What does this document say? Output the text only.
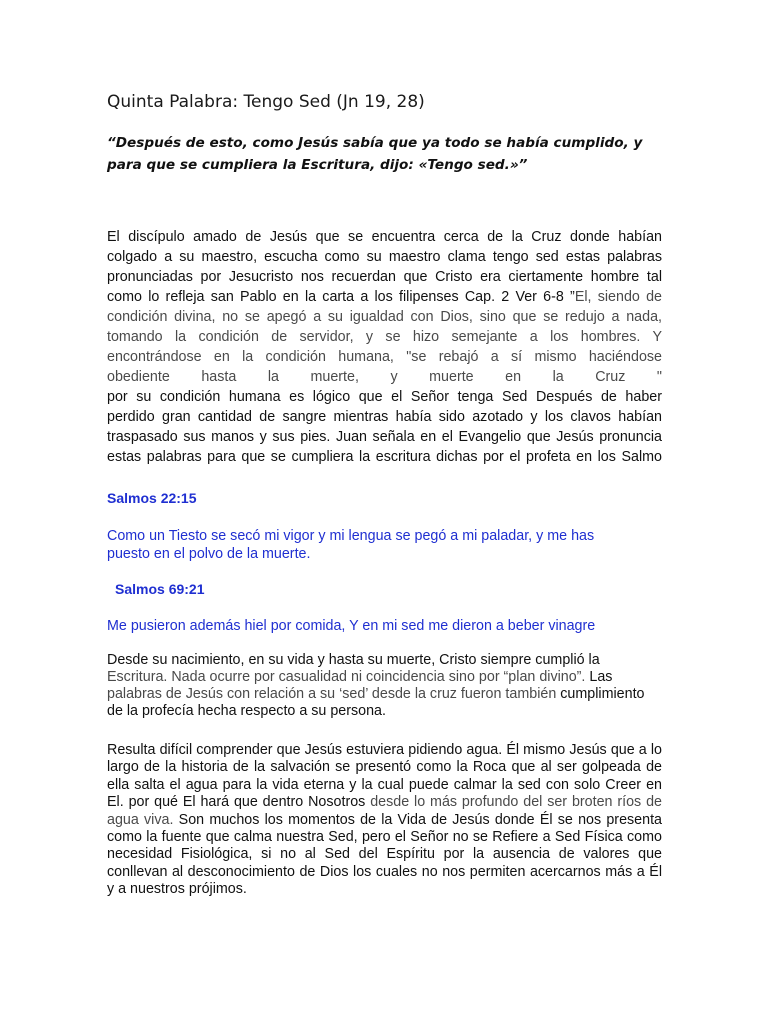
Quinta Palabra: Tengo Sed (Jn 19, 28)
“Después de esto, como Jesús sabía que ya todo se había cumplido, y para que se cumpliera la Escritura, dijo: «Tengo sed.»”
El discípulo amado de Jesús que se encuentra cerca de la Cruz donde habían
colgado a su maestro, escucha como su maestro clama tengo sed estas palabras
pronunciadas por Jesucristo nos recuerdan que Cristo era ciertamente hombre tal
como lo refleja san Pablo en la carta a los filipenses Cap. 2 Ver 6-8 ”El, siendo de
condición divina, no se apegó a su igualdad con Dios, sino que se redujo a nada,
tomando la condición de servidor, y se hizo semejante a los hombres. Y
encontrándose en la condición humana, "se rebajó a sí mismo haciéndose
obediente hasta la muerte, y muerte en la Cruz "
por su condición humana es lógico que el Señor tenga Sed Después de haber
perdido gran cantidad de sangre mientras había sido azotado y los clavos habían
traspasado sus manos y sus pies. Juan señala en el Evangelio que Jesús pronuncia
estas palabras para que se cumpliera la escritura dichas por el profeta en los Salmo
Salmos 22:15
Como un Tiesto se secó mi vigor y mi lengua se pegó a mi paladar, y me has puesto en el polvo de la muerte.
Salmos 69:21
Me pusieron además hiel por comida, Y en mi sed me dieron a beber vinagre
Desde su nacimiento, en su vida y hasta su muerte, Cristo siempre cumplió la Escritura. Nada ocurre por casualidad ni coincidencia sino por “plan divino”. Las palabras de Jesús con relación a su ‘sed’ desde la cruz fueron también cumplimiento de la profecía hecha respecto a su persona.
Resulta difícil comprender que Jesús estuviera pidiendo agua. Él mismo Jesús que a lo largo de la historia de la salvación se presentó como la Roca que al ser golpeada de ella salta el agua para la vida eterna y la cual puede calmar la sed con solo Creer en El. por qué El hará que dentro Nosotros desde lo más profundo del ser broten ríos de agua viva. Son muchos los momentos de la Vida de Jesús donde Él se nos presenta como la fuente que calma nuestra Sed, pero el Señor no se Refiere a Sed Física como necesidad Fisiológica, si no al Sed del Espíritu por la ausencia de valores que conllevan al desconocimiento de Dios los cuales no nos permiten acercarnos más a Él y a nuestros prójimos.
